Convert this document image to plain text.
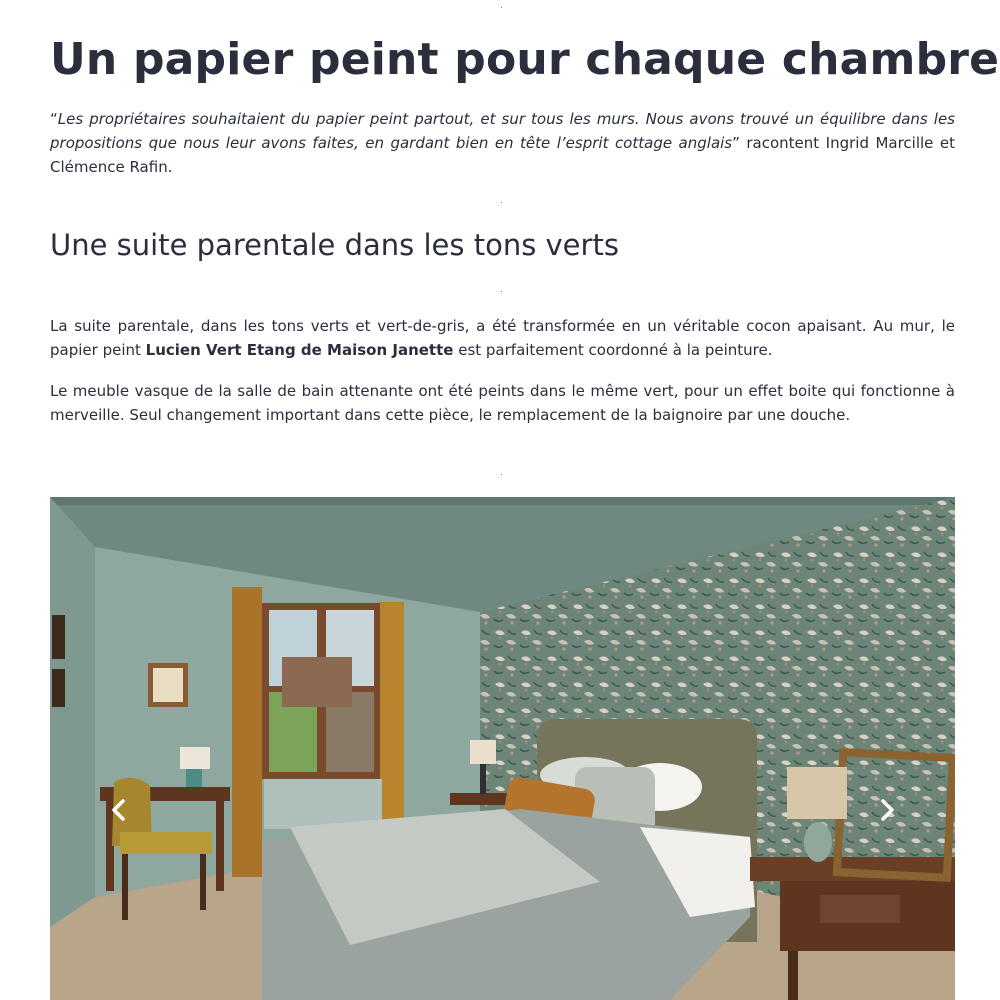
Un papier peint pour chaque chambre

“Les propriétaires souhaitaient du papier peint partout, et sur tous les murs. Nous avons trouvé un équilibre dans les propositions que nous leur avons faites, en gardant bien en tête l’esprit cottage anglais” racontent Ingrid Marcille et Clémence Rafin.

Une suite parentale dans les tons verts

La suite parentale, dans les tons verts et vert-de-gris, a été transformée en un véritable cocon apaisant. Au mur, le papier peint Lucien Vert Etang de Maison Janette est parfaitement coordonné à la peinture.

Le meuble vasque de la salle de bain attenante ont été peints dans le même vert, pour un effet boite qui fonctionne à merveille. Seul changement important dans cette pièce, le remplacement de la baignoire par une douche.
